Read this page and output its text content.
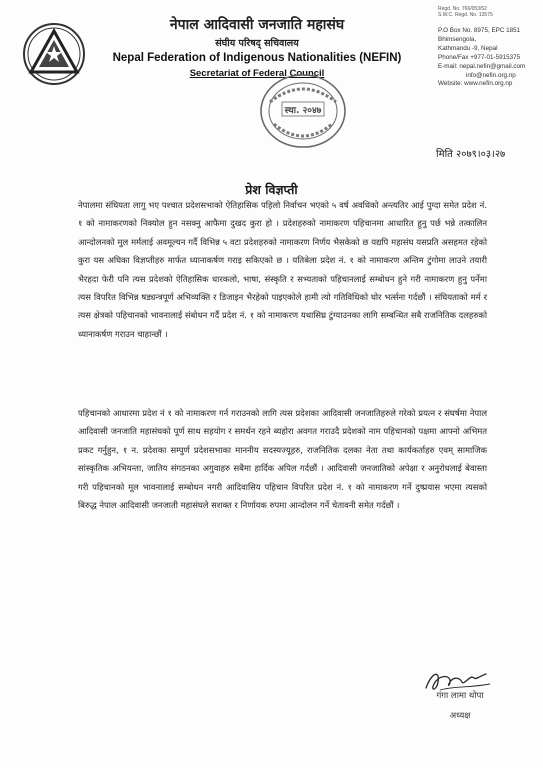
नेपाल आदिवासी जनजाति महासंघ
संघीय परिषद् सचिवालय
Nepal Federation of Indigenous Nationalities (NEFIN)
Secretariat of Federal Council
Regd. No. 766/053/52
S.W.C. Regd. No. 13575
P.O Box No. 8975, EPC 1851
Bhimsengola,
Kathmandu -9, Nepal
Phone/Fax +977-01-5915375
E-mail: nepal.nefin@gmail.com
info@nefin.org.np
Website: www.nefin.org.np
स्था. २०४७
मिति २०७९।०३।२७
प्रेश विज्ञप्ती
नेपालमा संघियता लागु भए पश्चात प्रदेशसभाको ऐतिहासिक पहिलो निर्वाचन भएको ५ वर्ष अवधिको अन्त्यतिर आई पुग्दा समेत प्रदेश नं. १ को नामाकरणको निक्योल हुन नसक्नु आफैमा दुखद कुरा हो । प्रदेशहरुको नामाकरण पहिचानमा आधारित हुनु पर्छ भन्ने तत्कालिन आन्दोलनको मुल मर्मलाई अवमूल्यन गर्दै विभिन्न ५ वटा प्रदेशहरुको नामाकरण निर्णय भैसकेको छ यद्यपि महासंघ यसप्रति असहमत रहेको कुरा यस अघिका विज्ञप्तीहरु मार्फत ध्यानाकर्षण गराइ सकिएको छ । यतिबेला प्रदेश नं. १ को नामाकरण अन्तिम टुंगोमा लाउने तयारी भैरहदा फेरी पनि त्यस प्रदेशको ऐतिहासिक धारकलो, भाषा, संस्कृति र सभ्यताको पहिचानलाई सम्बोधन हुने गरी नामाकरण हुनु पर्नेमा त्यस विपरित विभिन्न षड्यन्त्रपूर्ण अभिव्यक्ति र डिजाइन भैरहेको पाइएकोले हामी त्यो गतिविधिको घोर भर्त्सना गर्दछौं । संघियताको मर्म र त्यस क्षेत्रको पहिचानको भावनालाई संबोधन गर्दै प्रदेश नं. १ को नामाकरण यथासिघ्र टुंग्याउनका लागि सम्बन्धित सबै राजनितिक दलहरुको ध्यानाकर्षण गराउन चाहान्छौं ।
पहिचानको आधारमा प्रदेश नं १ को नामाकरण गर्न गराउनको लागि त्यस प्रदेशका आदिवासी जनजातिहरुले गरेको प्रयत्न र संघर्षमा नेपाल आदिवासी जनजाति महासंघको पूर्ण साथ सहयोग र समर्थन रहने ब्यहोरा अवगत गराउदै प्रदेशको नाम पहिचानको पक्षमा आफ्नो अभिमत प्रकट गर्नुहुन, १ न. प्रदेशका सम्पुर्ण प्रदेशसभाका माननीय सदस्यज्यूहरु, राजनितिक दलका नेता तथा कार्यकर्ताहरु एवम् सामाजिक सांस्कृतिक अभियन्ता, जातिय संगठनका अगुवाहरु सबैमा हार्दिक अपिल गर्दछौं । आदिवासी जनजातिको अपेक्षा र अनुरोधलाई बेवास्ता गरी पहिचानको मूल भावनालाई सम्बोधन नगरी आदिवासिय पहिचान विपरित प्रदेश नं. १ को नामाकरण गर्ने दुष्प्रयास भएमा त्यसको बिरुद्ध नेपाल आदिवासी जनजाती महासंघले सशक्त र निर्णायक रुपमा आन्दोलन गर्ने चेतावनी समेत गर्दछौं ।
गंगा लामा थोपा
अध्यक्ष
